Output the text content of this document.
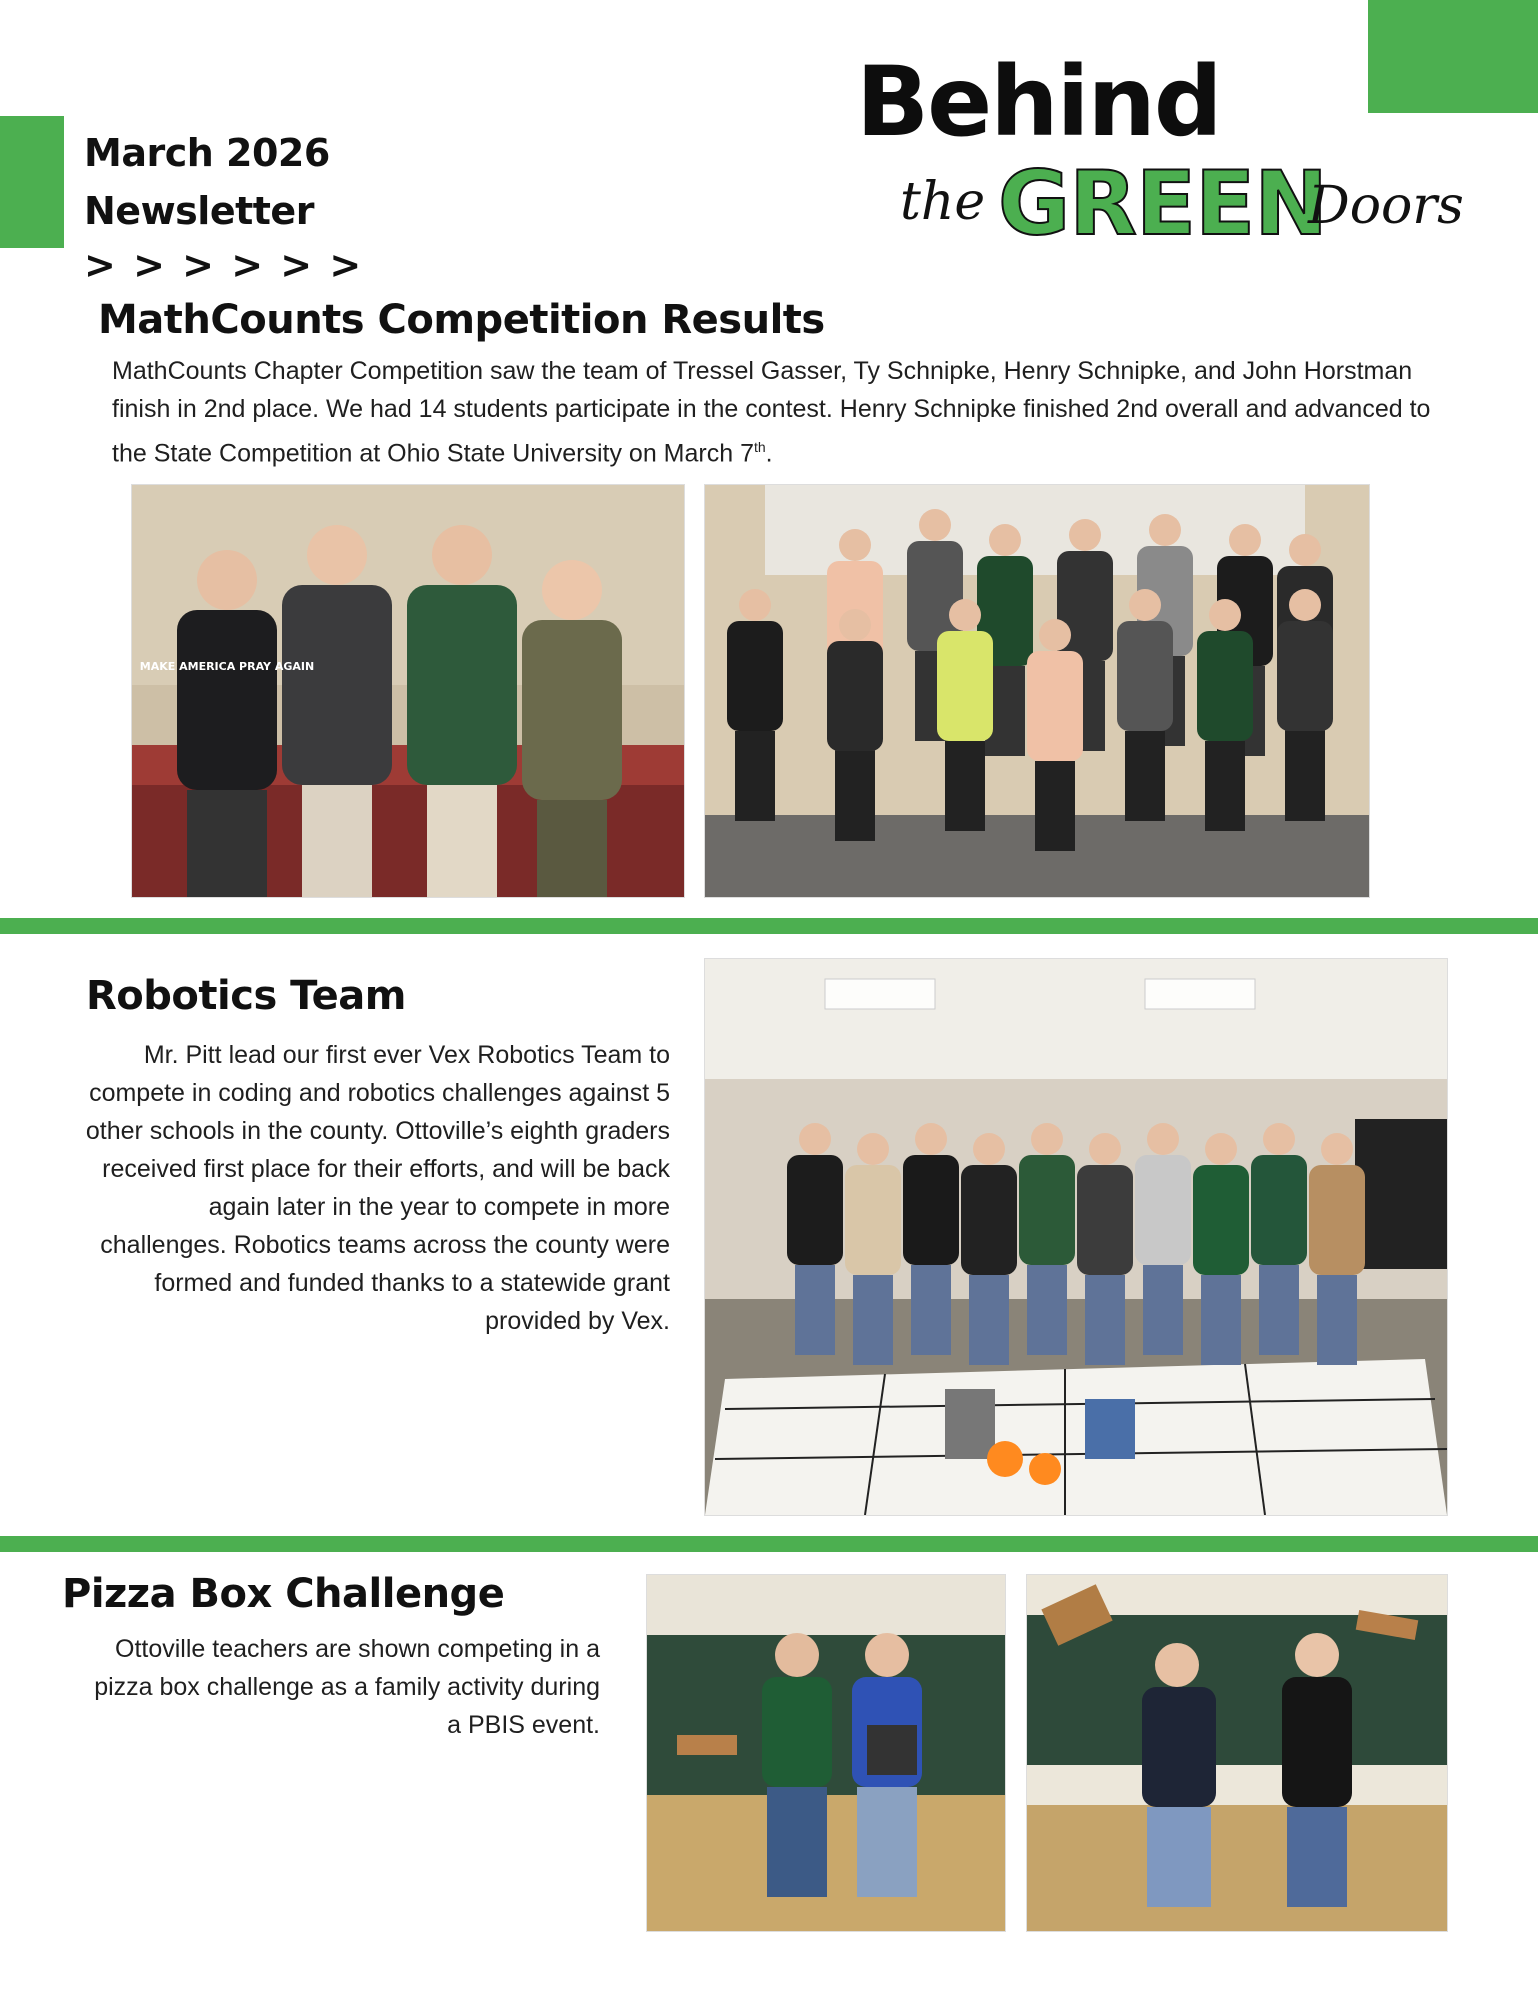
March 2026
Newsletter
> > > > > >
Behind
the GREEN
Doors
MathCounts Competition Results
MathCounts Chapter Competition saw the team of Tressel Gasser, Ty Schnipke, Henry Schnipke, and John Horstman finish in 2nd place. We had 14 students participate in the contest. Henry Schnipke finished 2nd overall and advanced to the State Competition at Ohio State University on March 7th.
MAKE AMERICA PRAY AGAIN
Robotics Team
Mr. Pitt lead our first ever Vex Robotics Team to compete in coding and robotics challenges against 5 other schools in the county. Ottoville’s eighth graders received first place for their efforts, and will be back again later in the year to compete in more challenges. Robotics teams across the county were formed and funded thanks to a statewide grant provided by Vex.
Pizza Box Challenge
Ottoville teachers are shown competing in a pizza box challenge as a family activity during a PBIS event.
